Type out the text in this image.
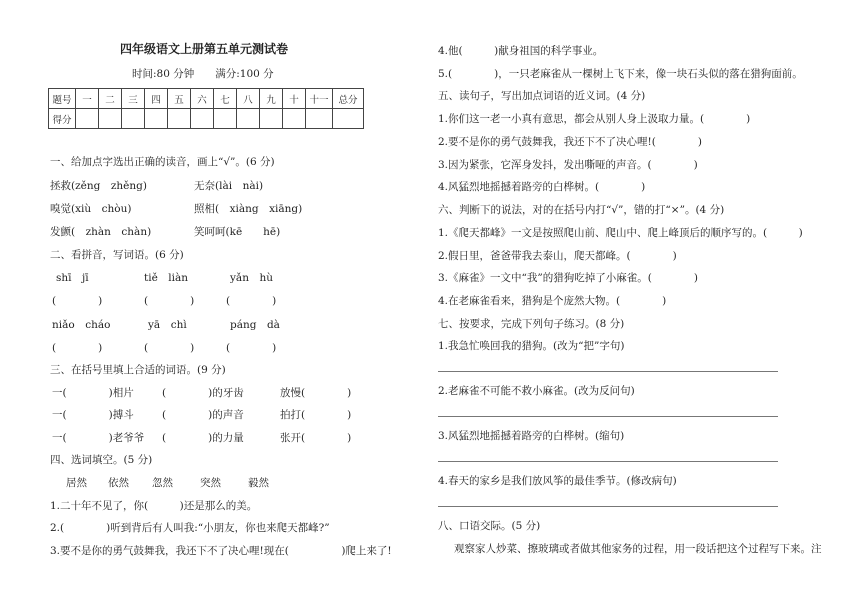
四年级语文上册第五单元测试卷
时间:80 分钟　　满分:100 分
题号	一	二	三	四	五	六	七	八	九	十	十一	总分
得分												
一、给加点字选出正确的读音，画上“√”。(6 分)
拯救(zěng　zhěng)	无奈(lài　nài)
嗅觉(xiù　chòu)	照相(　xiàng　xiāng)
发颤(　zhàn　chàn)	笑呵呵(kē　　hē)
二、看拼音，写词语。(6 分)
shī　jī	tiě　liàn	yǎn　hù
(　　　　)	(　　　　)	(　　　　)
niǎo　cháo	yā　chì	páng　dà
(　　　　)	(　　　　)	(　　　　)
三、在括号里填上合适的词语。(9 分)
一(　　　　)相片	(　　　　)的牙齿	放慢(　　　　)
一(　　　　)搏斗	(　　　　)的声音	拍打(　　　　)
一(　　　　)老爷爷 (　　　　)的力量	张开(　　　　)
四、选词填空。(5 分)
居然 依然 忽然	突然	毅然
1.二十年不见了，你(　　　)还是那么的美。
2.(　　　　)听到背后有人叫我:“小朋友，你也来爬天都峰?”
3.要不是你的勇气鼓舞我，我还下不了决心哩!现在(　　　　　)爬上来了!
4.他(　　　)献身祖国的科学事业。
5.(　　　　)，一只老麻雀从一棵树上飞下来，像一块石头似的落在猎狗面前。
五、读句子，写出加点词语的近义词。(4 分)
1.你们这一老一小真有意思，都会从别人身上汲取力量。(　　　　)
2.要不是你的勇气鼓舞我，我还下不了决心哩!(　　　　)
3.因为紧张，它浑身发抖，发出嘶哑的声音。(　　　　)
4.风猛烈地摇撼着路旁的白桦树。(　　　　)
六、判断下的说法，对的在括号内打“√”，错的打“×”。(4 分)
1.《爬天都峰》一文是按照爬山前、爬山中、爬上峰顶后的顺序写的。(　　　)
2.假日里，爸爸带我去泰山，爬天都峰。(　　　　)
3.《麻雀》一文中“我”的猎狗吃掉了小麻雀。(　　　　)
4.在老麻雀看来，猎狗是个庞然大物。(　　　　)
七、按要求，完成下列句子练习。(8 分)
1.我急忙唤回我的猎狗。(改为“把”字句)
2.老麻雀不可能不救小麻雀。(改为反问句)
3.风猛烈地摇撼着路旁的白桦树。(缩句)
4.春天的家乡是我们放风筝的最佳季节。(修改病句)
八、口语交际。(5 分)
观察家人炒菜、擦玻璃或者做其他家务的过程，用一段话把这个过程写下来。注
